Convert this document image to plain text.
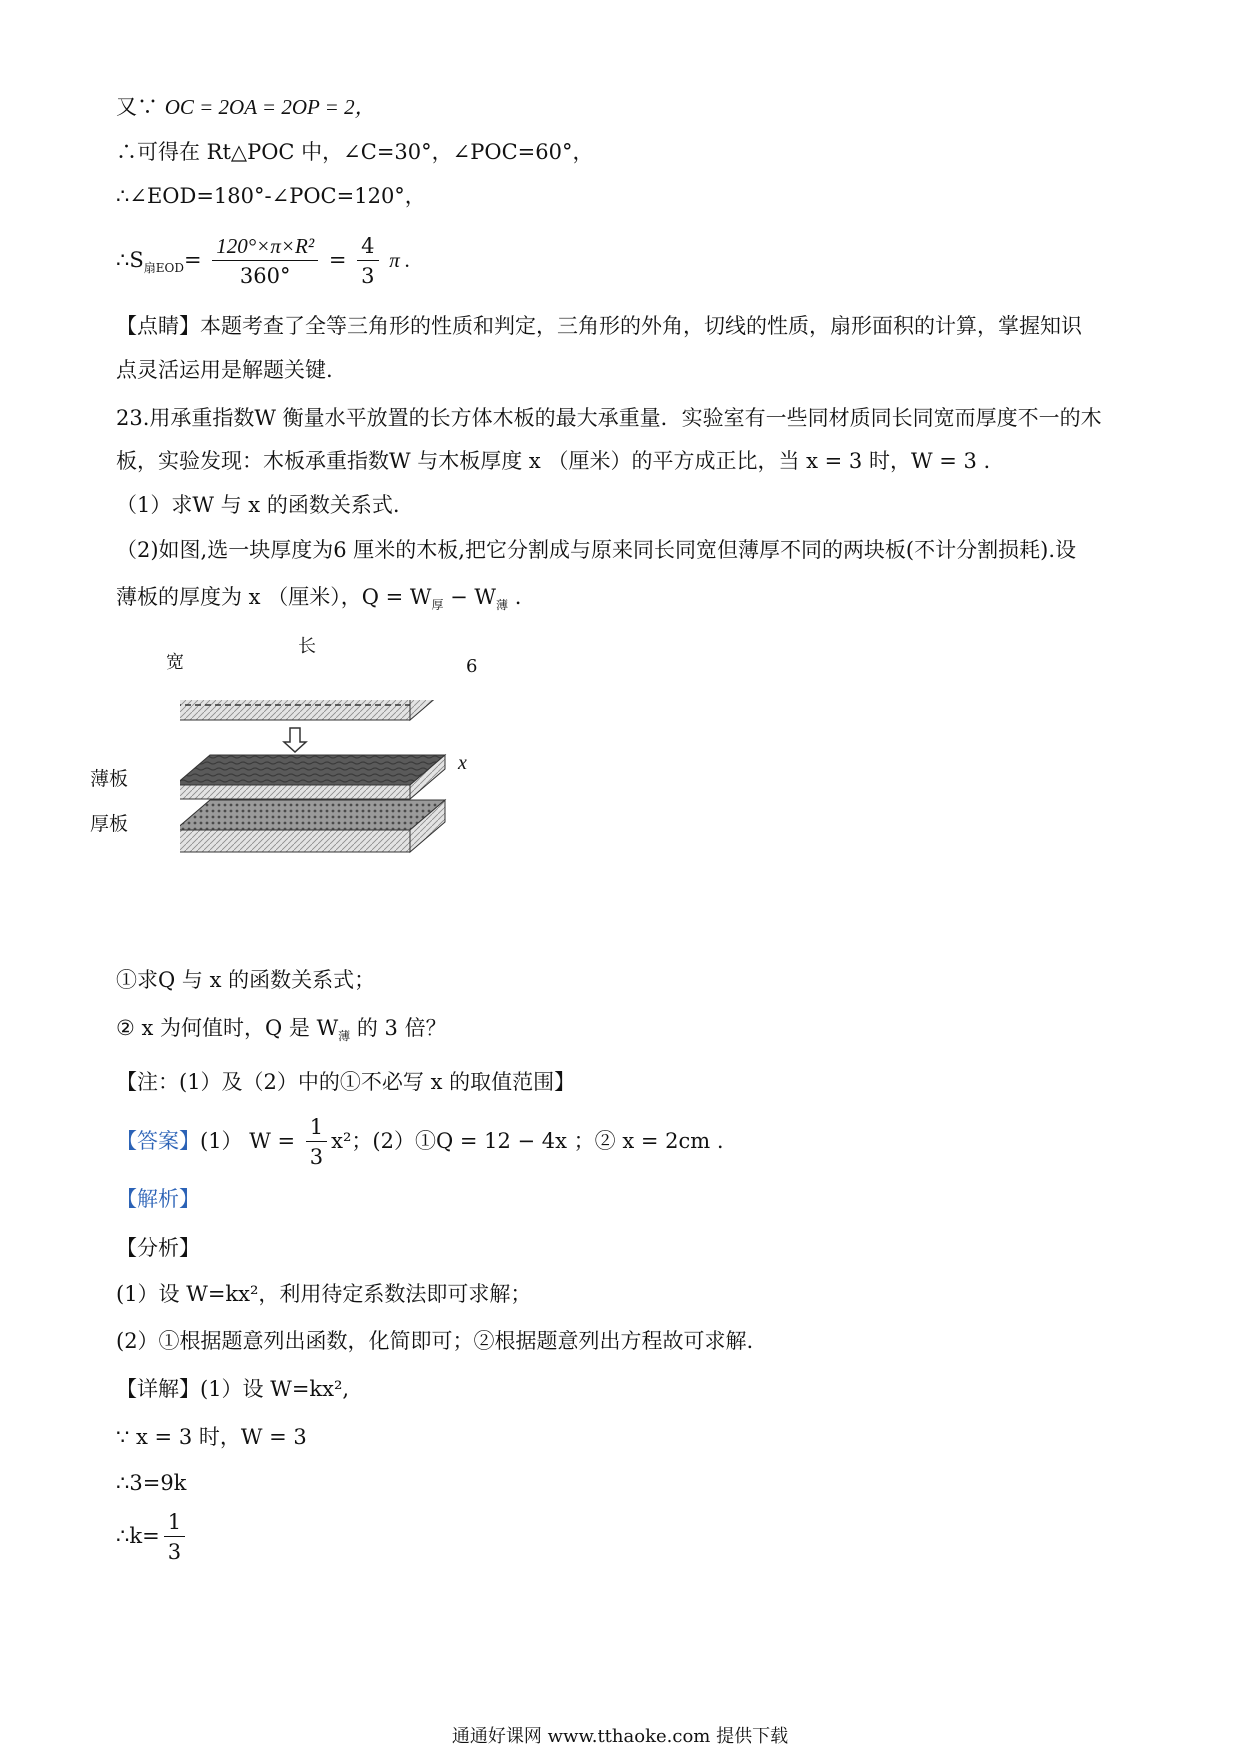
又∵ OC = 2OA = 2OP = 2，
∴可得在 Rt△POC 中，∠C=30°，∠POC=60°，
∴∠EOD=180°-∠POC=120°，
$\therefore S_{扇EOD}= \frac{\text{120°×π×R²}}{360^\circ} = \frac{4}{3}$ π .
【点睛】本题考查了全等三角形的性质和判定，三角形的外角，切线的性质，扇形面积的计算，掌握知识
点灵活运用是解题关键.
23.用承重指数W 衡量水平放置的长方体木板的最大承重量．实验室有一些同材质同长同宽而厚度不一的木
板，实验发现：木板承重指数W 与木板厚度 x （厘米）的平方成正比，当 x = 3 时，W = 3 .
（1）求W 与 x 的函数关系式.
（2)如图,选一块厚度为6 厘米的木板,把它分割成与原来同长同宽但薄厚不同的两块板(不计分割损耗).设
薄板的厚度为 x （厘米），$Q = W_厚 - W_薄$ .
长
宽	6
x
薄板
厚板
①求Q 与 x 的函数关系式；
② x 为何值时，Q 是 $W_薄$ 的 3 倍？
【注：(1）及（2）中的①不必写 x 的取值范围】
【答案】(1） $W = \frac{1}{3} x^2$；(2）①Q = 12 − 4x ；② x = 2cm .
【解析】
【分析】
(1）设 W=kx²，利用待定系数法即可求解；
(2）①根据题意列出函数，化简即可；②根据题意列出方程故可求解.
【详解】(1）设 W=kx²,
∵ x = 3 时，W = 3
∴3=9k
∴k= $\frac{1}{3}$
通通好课网 www.tthaoke.com 提供下载
